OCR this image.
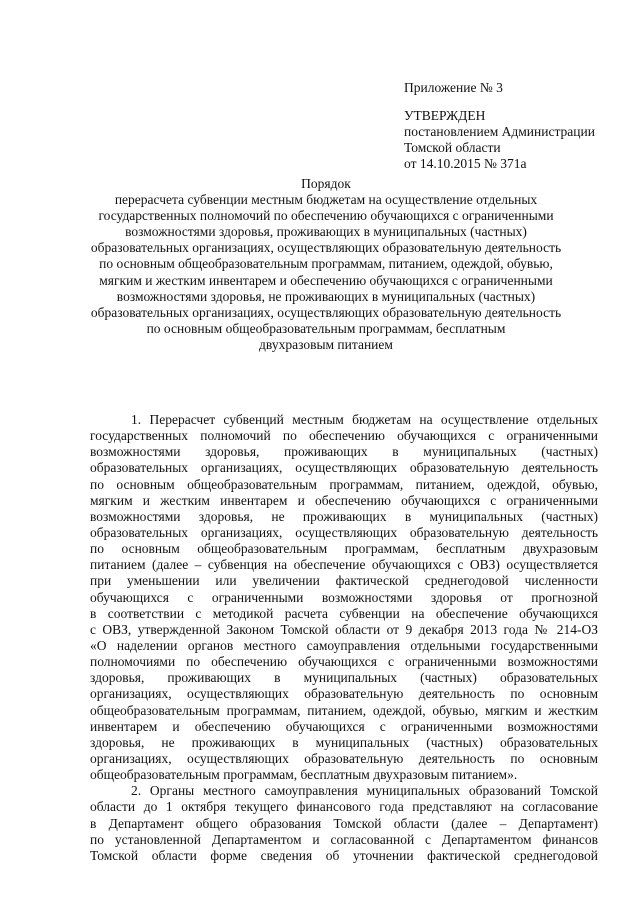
Приложение № 3
УТВЕРЖДЕН
постановлением Администрации
Томской области
от 14.10.2015 № 371а
Порядок
перерасчета субвенции местным бюджетам на осуществление отдельных
государственных полномочий по обеспечению обучающихся с ограниченными
возможностями здоровья, проживающих в муниципальных (частных)
образовательных организациях, осуществляющих образовательную деятельность
по основным общеобразовательным программам, питанием, одеждой, обувью,
мягким и жестким инвентарем и обеспечению обучающихся с ограниченными
возможностями здоровья, не проживающих в муниципальных (частных)
образовательных организациях, осуществляющих образовательную деятельность
по основным общеобразовательным программам, бесплатным
двухразовым питанием
1. Перерасчет субвенций местным бюджетам на осуществление отдельных
государственных полномочий по обеспечению обучающихся с ограниченными
возможностями здоровья, проживающих в муниципальных (частных)
образовательных организациях, осуществляющих образовательную деятельность
по основным общеобразовательным программам, питанием, одеждой, обувью,
мягким и жестким инвентарем и обеспечению обучающихся с ограниченными
возможностями здоровья, не проживающих в муниципальных (частных)
образовательных организациях, осуществляющих образовательную деятельность
по основным общеобразовательным программам, бесплатным двухразовым
питанием (далее – субвенция на обеспечение обучающихся с ОВЗ) осуществляется
при уменьшении или увеличении фактической среднегодовой численности
обучающихся с ограниченными возможностями здоровья от прогнозной
в соответствии с методикой расчета субвенции на обеспечение обучающихся
с ОВЗ, утвержденной Законом Томской области от 9 декабря 2013 года № 214-ОЗ
«О наделении органов местного самоуправления отдельными государственными
полномочиями по обеспечению обучающихся с ограниченными возможностями
здоровья, проживающих в муниципальных (частных) образовательных
организациях, осуществляющих образовательную деятельность по основным
общеобразовательным программам, питанием, одеждой, обувью, мягким и жестким
инвентарем и обеспечению обучающихся с ограниченными возможностями
здоровья, не проживающих в муниципальных (частных) образовательных
организациях, осуществляющих образовательную деятельность по основным
общеобразовательным программам, бесплатным двухразовым питанием».
2. Органы местного самоуправления муниципальных образований Томской
области до 1 октября текущего финансового года представляют на согласование
в Департамент общего образования Томской области (далее – Департамент)
по установленной Департаментом и согласованной с Департаментом финансов
Томской области форме сведения об уточнении фактической среднегодовой
